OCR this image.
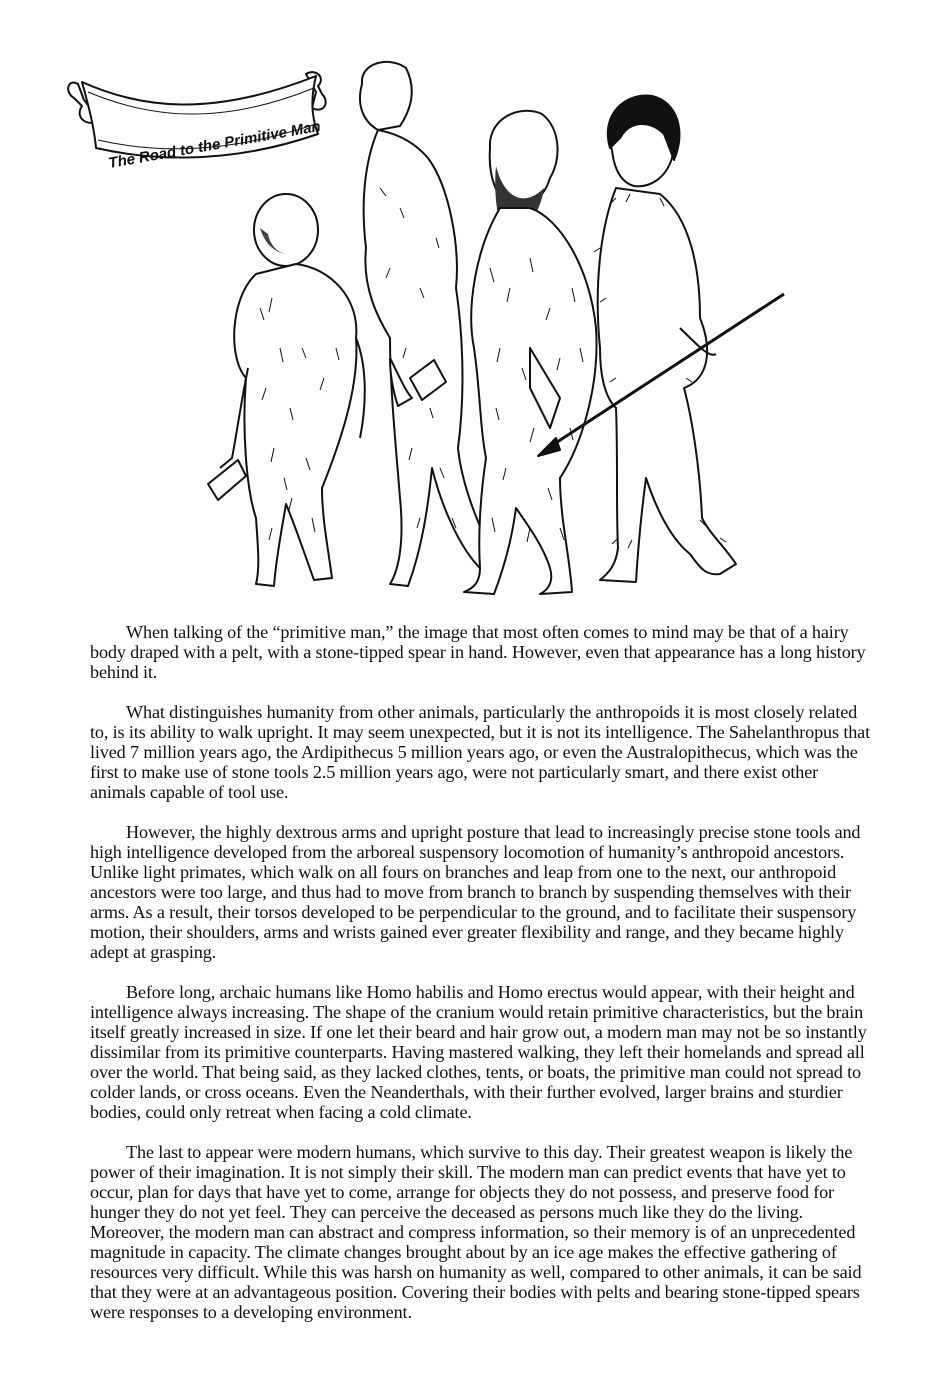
The Road to the Primitive Man

When talking of the “primitive man,” the image that most often comes to mind may be that of a hairy body draped with a pelt, with a stone-tipped spear in hand. However, even that appearance has a long history behind it.

What distinguishes humanity from other animals, particularly the anthropoids it is most closely related to, is its ability to walk upright. It may seem unexpected, but it is not its intelligence. The Sahelanthropus that lived 7 million years ago, the Ardipithecus 5 million years ago, or even the Australopithecus, which was the first to make use of stone tools 2.5 million years ago, were not particularly smart, and there exist other animals capable of tool use.

However, the highly dextrous arms and upright posture that lead to increasingly precise stone tools and high intelligence developed from the arboreal suspensory locomotion of humanity’s anthropoid ancestors. Unlike light primates, which walk on all fours on branches and leap from one to the next, our anthropoid ancestors were too large, and thus had to move from branch to branch by suspending themselves with their arms. As a result, their torsos developed to be perpendicular to the ground, and to facilitate their suspensory motion, their shoulders, arms and wrists gained ever greater flexibility and range, and they became highly adept at grasping.

Before long, archaic humans like Homo habilis and Homo erectus would appear, with their height and intelligence always increasing. The shape of the cranium would retain primitive characteristics, but the brain itself greatly increased in size. If one let their beard and hair grow out, a modern man may not be so instantly dissimilar from its primitive counterparts. Having mastered walking, they left their homelands and spread all over the world. That being said, as they lacked clothes, tents, or boats, the primitive man could not spread to colder lands, or cross oceans. Even the Neanderthals, with their further evolved, larger brains and sturdier bodies, could only retreat when facing a cold climate.

The last to appear were modern humans, which survive to this day. Their greatest weapon is likely the power of their imagination. It is not simply their skill. The modern man can predict events that have yet to occur, plan for days that have yet to come, arrange for objects they do not possess, and preserve food for hunger they do not yet feel. They can perceive the deceased as persons much like they do the living. Moreover, the modern man can abstract and compress information, so their memory is of an unprecedented magnitude in capacity. The climate changes brought about by an ice age makes the effective gathering of resources very difficult. While this was harsh on humanity as well, compared to other animals, it can be said that they were at an advantageous position. Covering their bodies with pelts and bearing stone-tipped spears were responses to a developing environment.
